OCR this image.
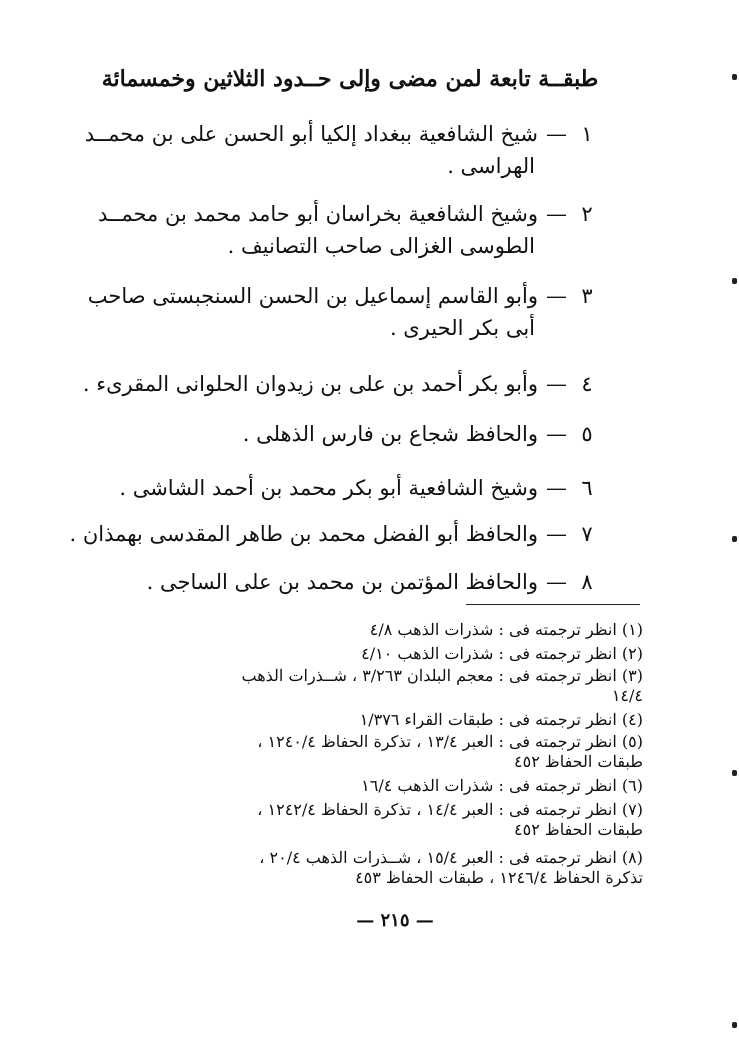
طبقــة تابعة لمن مضى وإلى حــدود الثلاثين وخمسمائة
١—شيخ الشافعية ببغداد إلكيا أبو الحسن على بن محمــد
الهراسى .
٢—وشيخ الشافعية بخراسان أبو حامد محمد بن محمــد
الطوسى الغزالى صاحب التصانيف .
٣—وأبو القاسم إسماعيل بن الحسن السنجبستى صاحب
أبى بكر الحيرى .
٤—وأبو بكر أحمد بن على بن زيدوان الحلوانى المقرىء .
٥—والحافظ شجاع بن فارس الذهلى .
٦—وشيخ الشافعية أبو بكر محمد بن أحمد الشاشى .
٧—والحافظ أبو الفضل محمد بن طاهر المقدسى بهمذان .
٨—والحافظ المؤتمن بن محمد بن على الساجى .
(١) انظر ترجمته فى : شذرات الذهب ٤/٨
(٢) انظر ترجمته فى : شذرات الذهب ٤/١٠
(٣) انظر ترجمته فى : معجم البلدان ٣/٢٦٣ ، شــذرات الذهب
١٤/٤
(٤) انظر ترجمته فى : طبقات القراء ١/٣٧٦
(٥) انظر ترجمته فى : العبر ١٣/٤ ، تذكرة الحفاظ ١٢٤٠/٤ ،
طبقات الحفاظ ٤٥٢
(٦) انظر ترجمته فى : شذرات الذهب ١٦/٤
(٧) انظر ترجمته فى : العبر ١٤/٤ ، تذكرة الحفاظ ١٢٤٢/٤ ،
طبقات الحفاظ ٤٥٢
(٨) انظر ترجمته فى : العبر ١٥/٤ ، شــذرات الذهب ٢٠/٤ ،
تذكرة الحفاظ ١٢٤٦/٤ ، طبقات الحفاظ ٤٥٣
— ٢١٥ —
